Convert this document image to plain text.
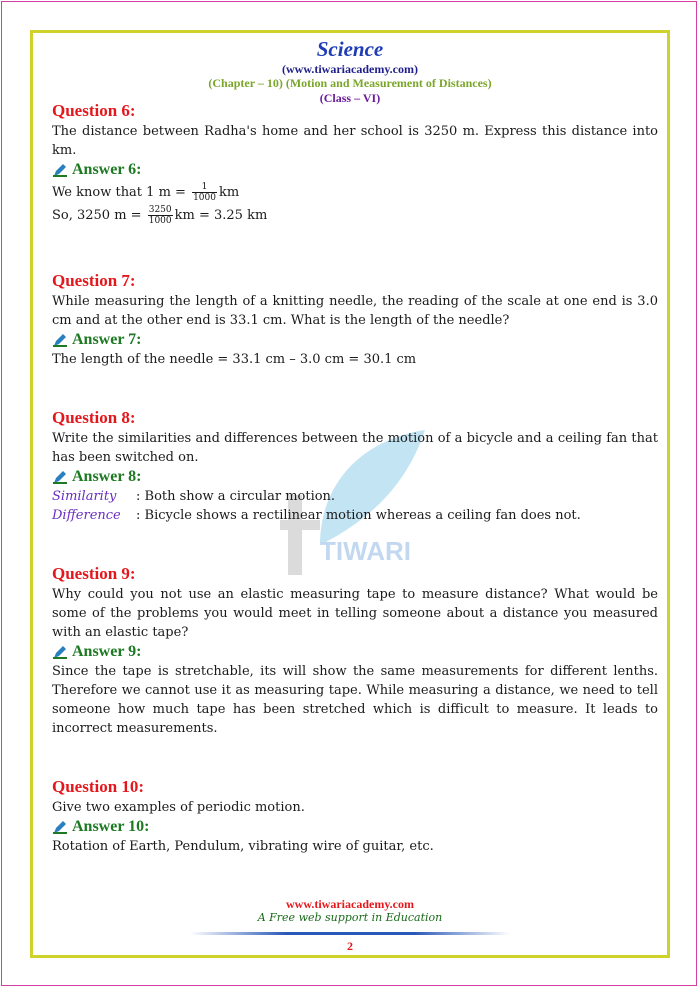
TIWARI
Science
(www.tiwariacademy.com)
(Chapter – 10) (Motion and Measurement of Distances)
(Class – VI)
Question 6:
The distance between Radha's home and her school is 3250 m. Express this distance into km.
Answer 6:
We know that 1 $m = \frac{1}{1000}$ km
So, 3250 $m = \frac{3250}{1000}$ km = 3.25 km
Question 7:
While measuring the length of a knitting needle, the reading of the scale at one end is 3.0 cm and at the other end is 33.1 cm. What is the length of the needle?
Answer 7:
The length of the needle = 33.1 cm – 3.0 cm = 30.1 cm
Question 8:
Write the similarities and differences between the motion of a bicycle and a ceiling fan that has been switched on.
Answer 8:
Similarity : Both show a circular motion.
Difference : Bicycle shows a rectilinear motion whereas a ceiling fan does not.
Question 9:
Why could you not use an elastic measuring tape to measure distance? What would be some of the problems you would meet in telling someone about a distance you measured with an elastic tape?
Answer 9:
Since the tape is stretchable, its will show the same measurements for different lenths. Therefore we cannot use it as measuring tape. While measuring a distance, we need to tell someone how much tape has been stretched which is difficult to measure. It leads to incorrect measurements.
Question 10:
Give two examples of periodic motion.
Answer 10:
Rotation of Earth, Pendulum, vibrating wire of guitar, etc.
www.tiwariacademy.com
A Free web support in Education
2
